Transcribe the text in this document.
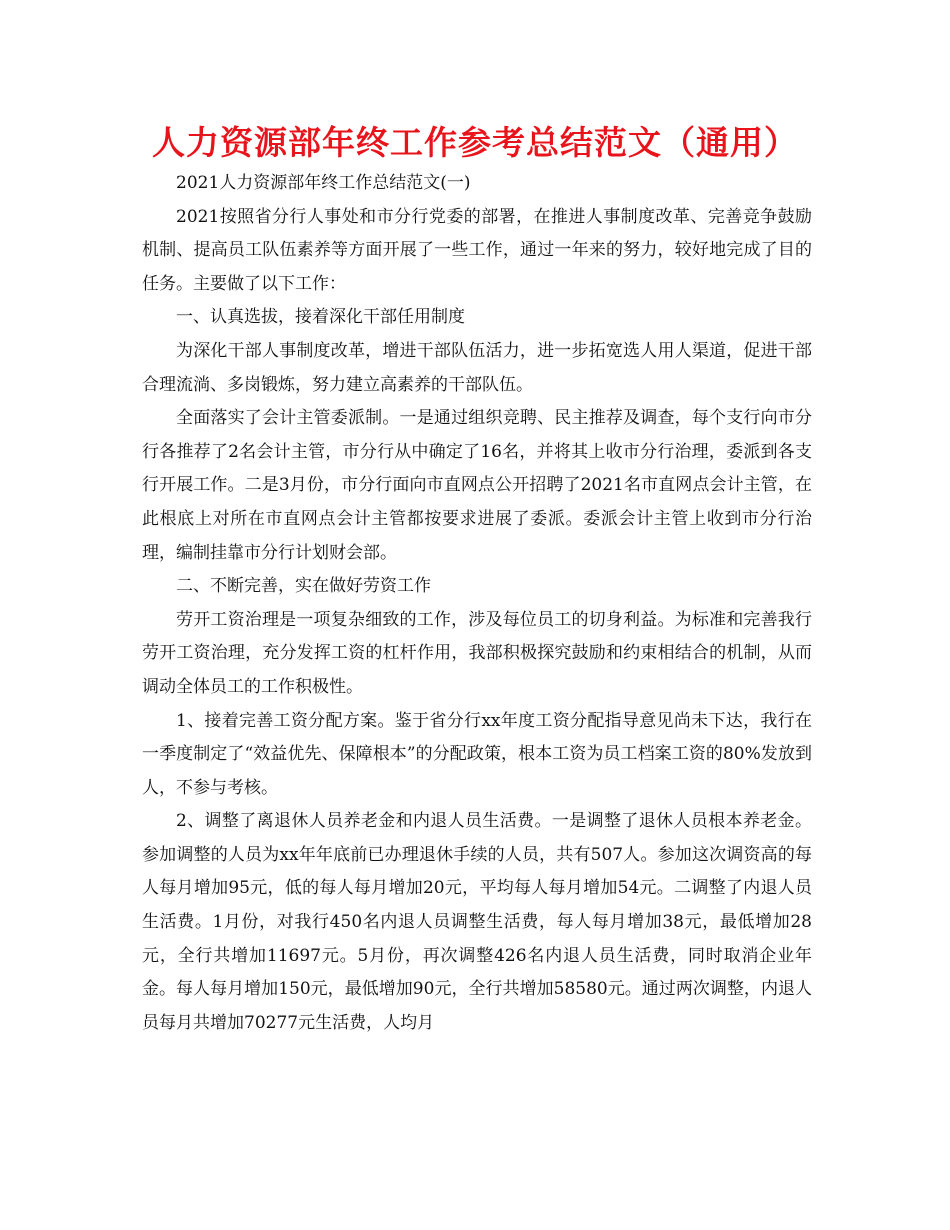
人力资源部年终工作参考总结范文（通用）

2021人力资源部年终工作总结范文(一)

2021按照省分行人事处和市分行党委的部署，在推进人事制度改革、完善竞争鼓励机制、提高员工队伍素养等方面开展了一些工作，通过一年来的努力，较好地完成了目的任务。主要做了以下工作：

一、认真选拔，接着深化干部任用制度

为深化干部人事制度改革，增进干部队伍活力，进一步拓宽选人用人渠道，促进干部合理流淌、多岗锻炼，努力建立高素养的干部队伍。

全面落实了会计主管委派制。一是通过组织竞聘、民主推荐及调查，每个支行向市分行各推荐了2名会计主管，市分行从中确定了16名，并将其上收市分行治理，委派到各支行开展工作。二是3月份，市分行面向市直网点公开招聘了2021名市直网点会计主管，在此根底上对所在市直网点会计主管都按要求进展了委派。委派会计主管上收到市分行治理，编制挂靠市分行计划财会部。

二、不断完善，实在做好劳资工作

劳开工资治理是一项复杂细致的工作，涉及每位员工的切身利益。为标准和完善我行劳开工资治理，充分发挥工资的杠杆作用，我部积极探究鼓励和约束相结合的机制，从而调动全体员工的工作积极性。

1、接着完善工资分配方案。鉴于省分行xx年度工资分配指导意见尚未下达，我行在一季度制定了“效益优先、保障根本”的分配政策，根本工资为员工档案工资的80%发放到人，不参与考核。

2、调整了离退休人员养老金和内退人员生活费。一是调整了退休人员根本养老金。参加调整的人员为xx年年底前已办理退休手续的人员，共有507人。参加这次调资高的每人每月增加95元，低的每人每月增加20元，平均每人每月增加54元。二调整了内退人员生活费。1月份，对我行450名内退人员调整生活费，每人每月增加38元，最低增加28元，全行共增加11697元。5月份，再次调整426名内退人员生活费，同时取消企业年金。每人每月增加150元，最低增加90元，全行共增加58580元。通过两次调整，内退人员每月共增加70277元生活费，人均月
